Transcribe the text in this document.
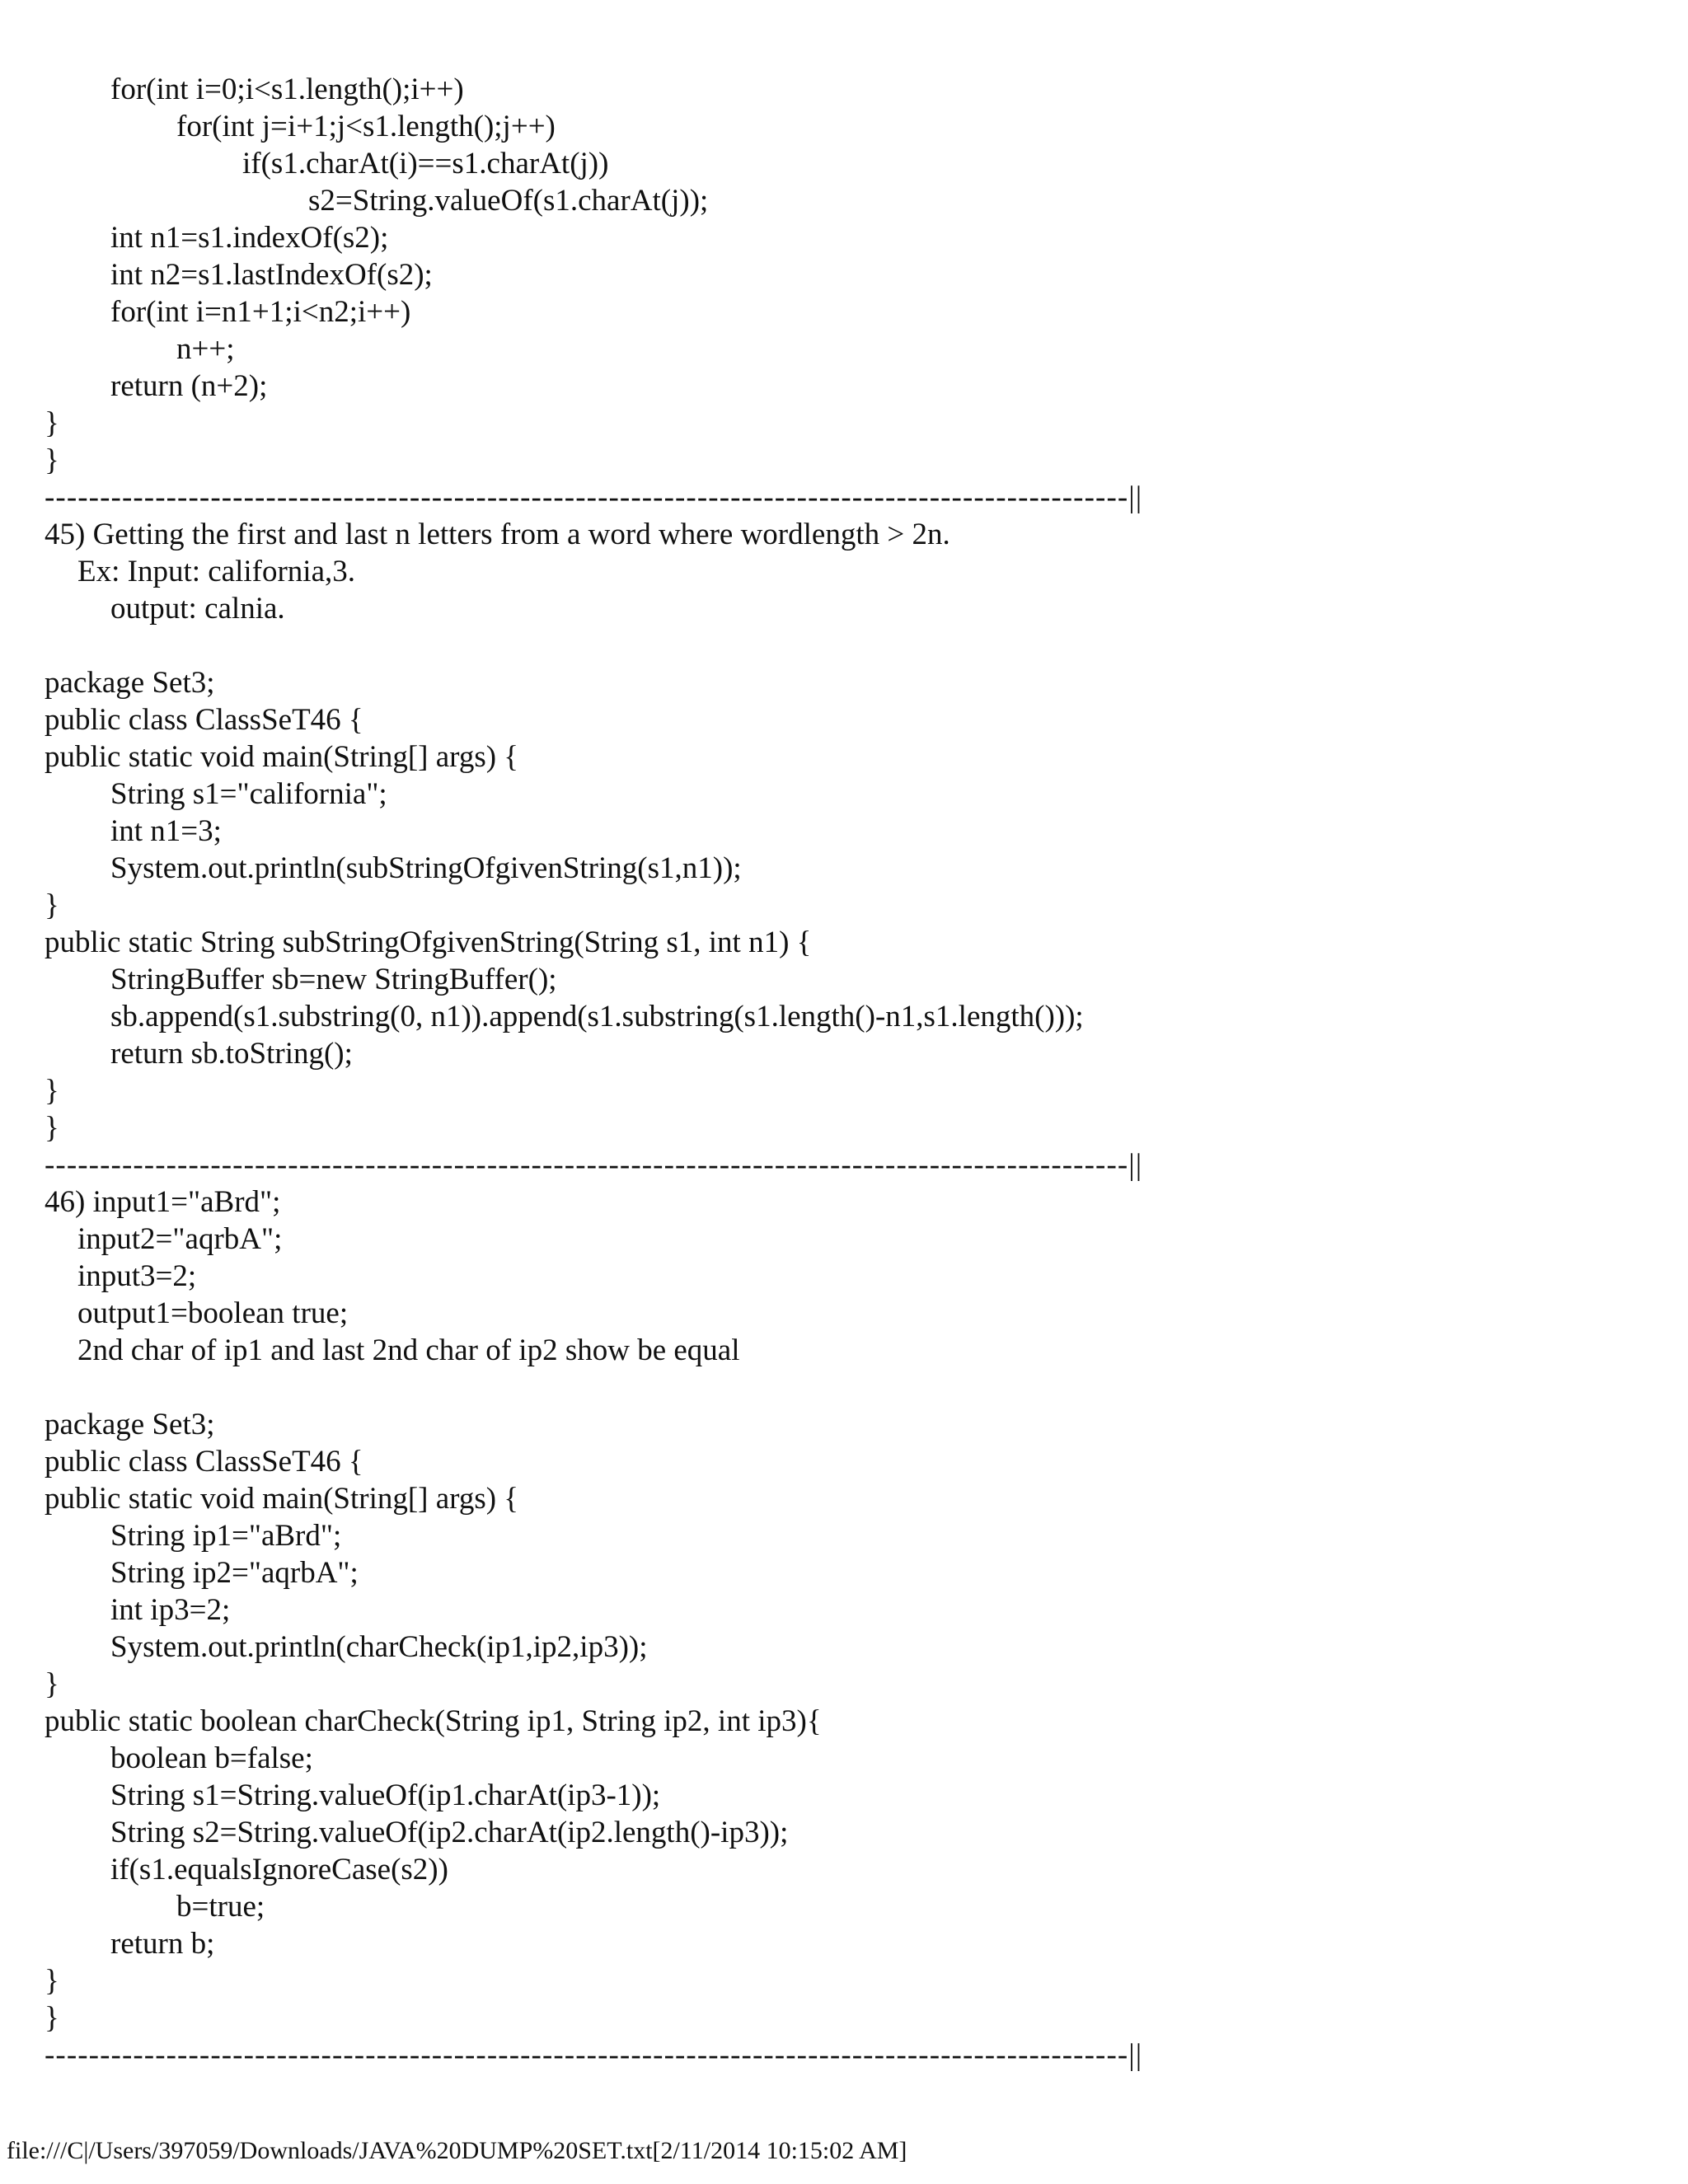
for(int i=0;i<s1.length();i++)
for(int j=i+1;j<s1.length();j++)
if(s1.charAt(i)==s1.charAt(j))
s2=String.valueOf(s1.charAt(j));
int n1=s1.indexOf(s2);
int n2=s1.lastIndexOf(s2);
for(int i=n1+1;i<n2;i++)
n++;
return (n+2);
}
}
--------------------------------------------------------------------------------------------------||
45) Getting the first and last n letters from a word where wordlength > 2n.
Ex: Input: california,3.
output: calnia.
package Set3;
public class ClassSeT46 {
public static void main(String[] args) {
String s1="california";
int n1=3;
System.out.println(subStringOfgivenString(s1,n1));
}
public static String subStringOfgivenString(String s1, int n1) {
StringBuffer sb=new StringBuffer();
sb.append(s1.substring(0, n1)).append(s1.substring(s1.length()-n1,s1.length()));
return sb.toString();
}
}
--------------------------------------------------------------------------------------------------||
46) input1="aBrd";
input2="aqrbA";
input3=2;
output1=boolean true;
2nd char of ip1 and last 2nd char of ip2 show be equal
package Set3;
public class ClassSeT46 {
public static void main(String[] args) {
String ip1="aBrd";
String ip2="aqrbA";
int ip3=2;
System.out.println(charCheck(ip1,ip2,ip3));
}
public static boolean charCheck(String ip1, String ip2, int ip3){
boolean b=false;
String s1=String.valueOf(ip1.charAt(ip3-1));
String s2=String.valueOf(ip2.charAt(ip2.length()-ip3));
if(s1.equalsIgnoreCase(s2))
b=true;
return b;
}
}
--------------------------------------------------------------------------------------------------||
file:///C|/Users/397059/Downloads/JAVA%20DUMP%20SET.txt[2/11/2014 10:15:02 AM]
